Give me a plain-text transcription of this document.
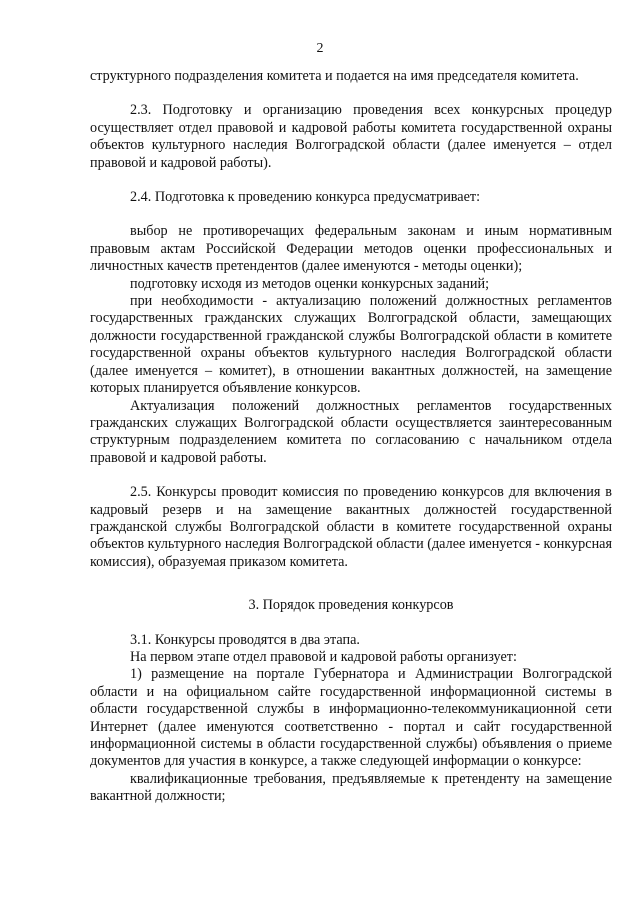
2

структурного подразделения комитета и подается на имя председателя комитета.

2.3. Подготовку и организацию проведения всех конкурсных процедур осуществляет отдел правовой и кадровой работы комитета государственной охраны объектов культурного наследия Волгоградской области (далее именуется – отдел правовой и кадровой работы).

2.4. Подготовка к проведению конкурса предусматривает:

выбор не противоречащих федеральным законам и иным нормативным правовым актам Российской Федерации методов оценки профессиональных и личностных качеств претендентов (далее именуются - методы оценки);

подготовку исходя из методов оценки конкурсных заданий;

при необходимости - актуализацию положений должностных регламентов государственных гражданских служащих Волгоградской области, замещающих должности государственной гражданской службы Волгоградской области в комитете государственной охраны объектов культурного наследия Волгоградской области (далее именуется – комитет), в отношении вакантных должностей, на замещение которых планируется объявление конкурсов.

Актуализация положений должностных регламентов государственных гражданских служащих Волгоградской области осуществляется заинтересованным структурным подразделением комитета по согласованию с начальником отдела правовой и кадровой работы.

2.5. Конкурсы проводит комиссия по проведению конкурсов для включения в кадровый резерв и на замещение вакантных должностей государственной гражданской службы Волгоградской области в комитете государственной охраны объектов культурного наследия Волгоградской области (далее именуется - конкурсная комиссия), образуемая приказом комитета.

3. Порядок проведения конкурсов

3.1. Конкурсы проводятся в два этапа.

На первом этапе отдел правовой и кадровой работы организует:

1) размещение на портале Губернатора и Администрации Волгоградской области и на официальном сайте государственной информационной системы в области государственной службы в информационно-телекоммуникационной сети Интернет (далее именуются соответственно - портал и сайт государственной информационной системы в области государственной службы) объявления о приеме документов для участия в конкурсе, а также следующей информации о конкурсе:

квалификационные требования, предъявляемые к претенденту на замещение вакантной должности;
